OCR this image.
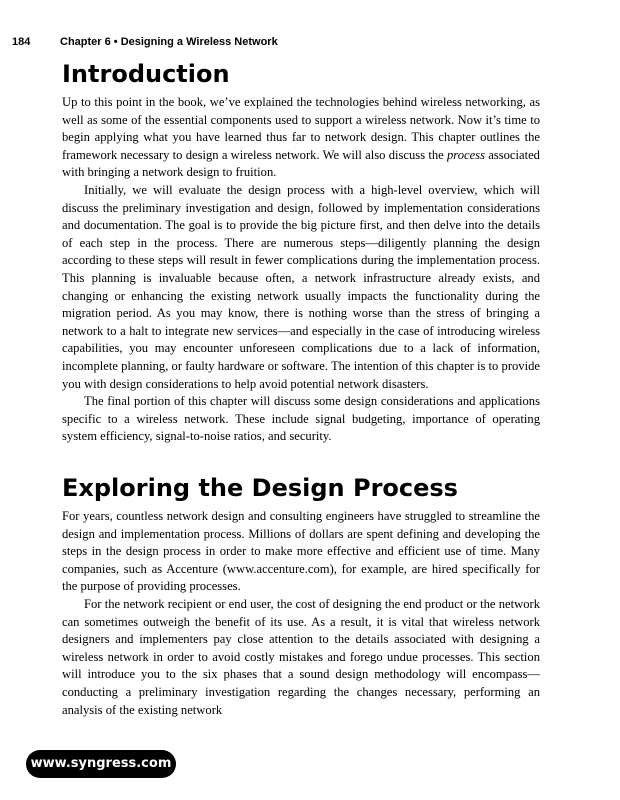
184	Chapter 6 • Designing a Wireless Network
Introduction

Up to this point in the book, we’ve explained the technologies behind wireless networking, as well as some of the essential components used to support a wireless network. Now it’s time to begin applying what you have learned thus far to network design. This chapter outlines the framework necessary to design a wireless network. We will also discuss the process associated with bringing a network design to fruition.

Initially, we will evaluate the design process with a high-level overview, which will discuss the preliminary investigation and design, followed by implementation considerations and documentation. The goal is to provide the big picture first, and then delve into the details of each step in the process. There are numerous steps—diligently planning the design according to these steps will result in fewer complications during the implementation process. This planning is invaluable because often, a network infrastructure already exists, and changing or enhancing the existing network usually impacts the functionality during the migration period. As you may know, there is nothing worse than the stress of bringing a network to a halt to integrate new services—and especially in the case of introducing wireless capabilities, you may encounter unforeseen complications due to a lack of information, incomplete planning, or faulty hardware or software. The intention of this chapter is to provide you with design considerations to help avoid potential network disasters.

The final portion of this chapter will discuss some design considerations and applications specific to a wireless network. These include signal budgeting, importance of operating system efficiency, signal-to-noise ratios, and security.

Exploring the Design Process

For years, countless network design and consulting engineers have struggled to streamline the design and implementation process. Millions of dollars are spent defining and developing the steps in the design process in order to make more effective and efficient use of time. Many companies, such as Accenture (www.accenture.com), for example, are hired specifically for the purpose of providing processes.

For the network recipient or end user, the cost of designing the end product or the network can sometimes outweigh the benefit of its use. As a result, it is vital that wireless network designers and implementers pay close attention to the details associated with designing a wireless network in order to avoid costly mistakes and forego undue processes. This section will introduce you to the six phases that a sound design methodology will encompass—conducting a preliminary investigation regarding the changes necessary, performing an analysis of the existing network

www.syngress.com
